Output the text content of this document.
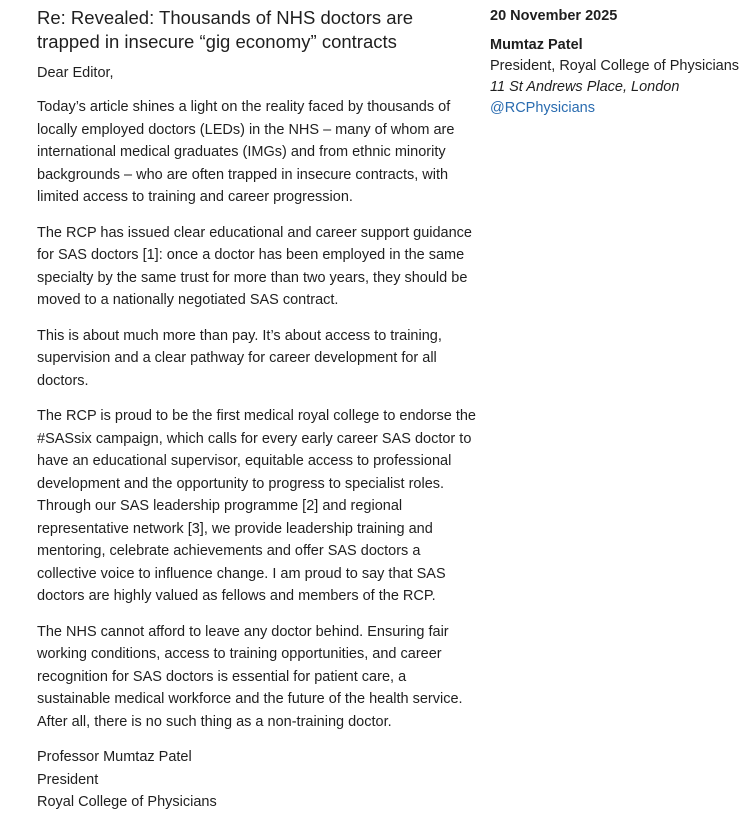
Re: Revealed: Thousands of NHS doctors are trapped in insecure “gig economy” contracts

Dear Editor,

Today’s article shines a light on the reality faced by thousands of locally employed doctors (LEDs) in the NHS – many of whom are international medical graduates (IMGs) and from ethnic minority backgrounds – who are often trapped in insecure contracts, with limited access to training and career progression.

The RCP has issued clear educational and career support guidance for SAS doctors [1]: once a doctor has been employed in the same specialty by the same trust for more than two years, they should be moved to a nationally negotiated SAS contract.

This is about much more than pay. It’s about access to training, supervision and a clear pathway for career development for all doctors.

The RCP is proud to be the first medical royal college to endorse the #SASsix campaign, which calls for every early career SAS doctor to have an educational supervisor, equitable access to professional development and the opportunity to progress to specialist roles. Through our SAS leadership programme [2] and regional representative network [3], we provide leadership training and mentoring, celebrate achievements and offer SAS doctors a collective voice to influence change. I am proud to say that SAS doctors are highly valued as fellows and members of the RCP.

The NHS cannot afford to leave any doctor behind. Ensuring fair working conditions, access to training opportunities, and career recognition for SAS doctors is essential for patient care, a sustainable medical workforce and the future of the health service. After all, there is no such thing as a non-training doctor.

Professor Mumtaz Patel

President

Royal College of Physicians

20 November 2025
Mumtaz Patel
President, Royal College of Physicians
11 St Andrews Place, London
@RCPhysicians
